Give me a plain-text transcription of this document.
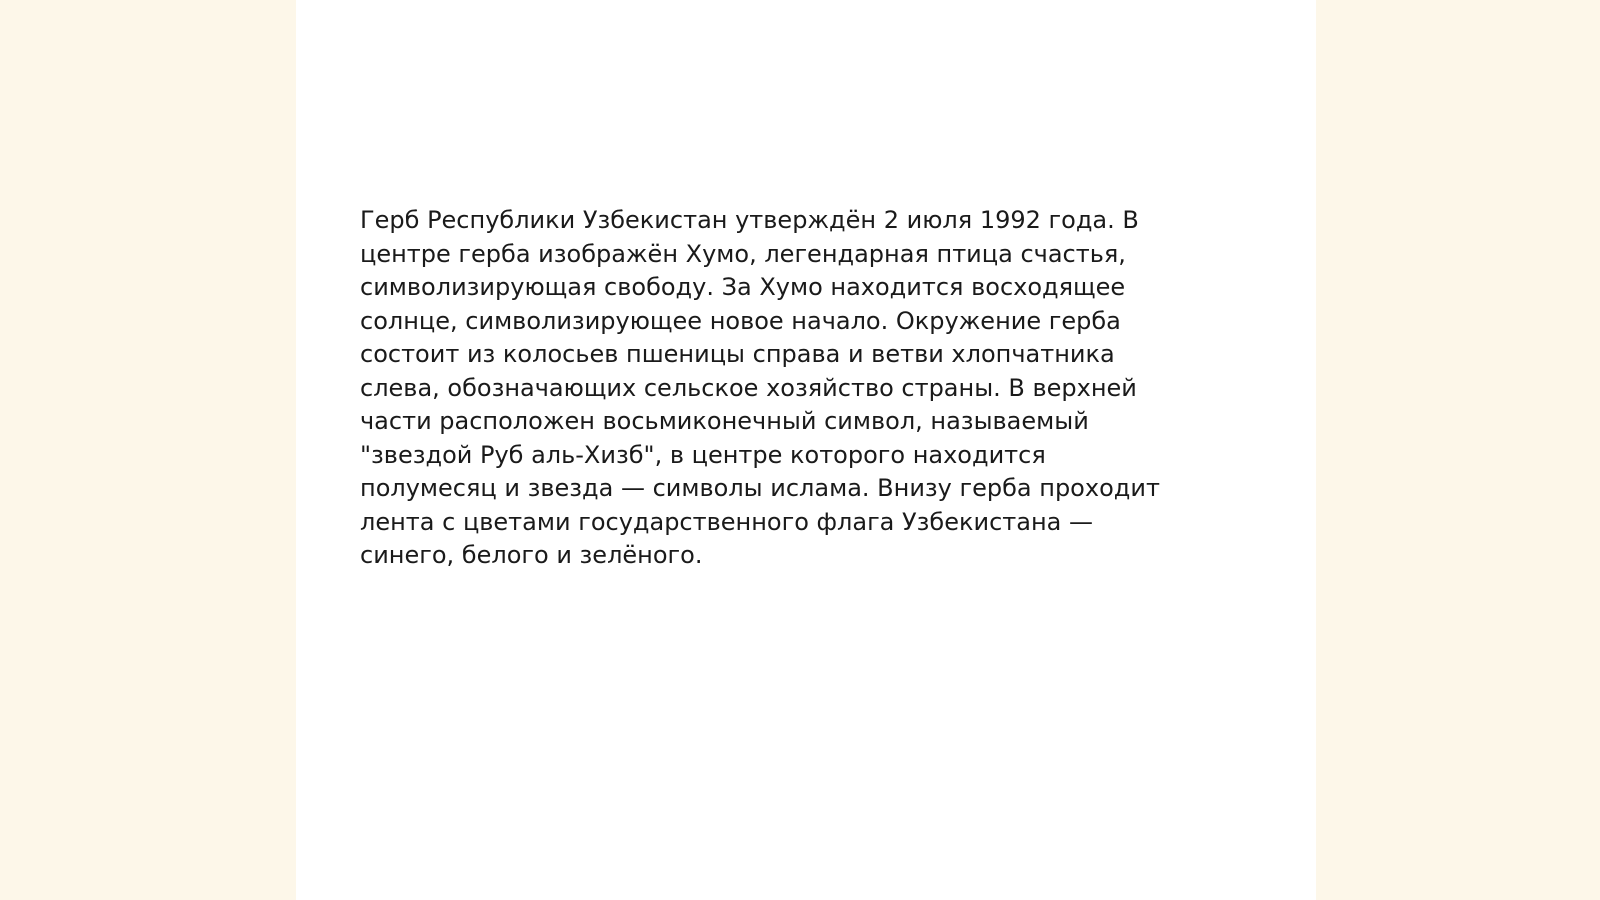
Герб Республики Узбекистан утверждён 2 июля 1992 года. В
центре герба изображён Хумо, легендарная птица счастья,
символизирующая свободу. За Хумо находится восходящее
солнце, символизирующее новое начало. Окружение герба
состоит из колосьев пшеницы справа и ветви хлопчатника
слева, обозначающих сельское хозяйство страны. В верхней
части расположен восьмиконечный символ, называемый
"звездой Руб аль-Хизб", в центре которого находится
полумесяц и звезда — символы ислама. Внизу герба проходит
лента с цветами государственного флага Узбекистана —
синего, белого и зелёного.
